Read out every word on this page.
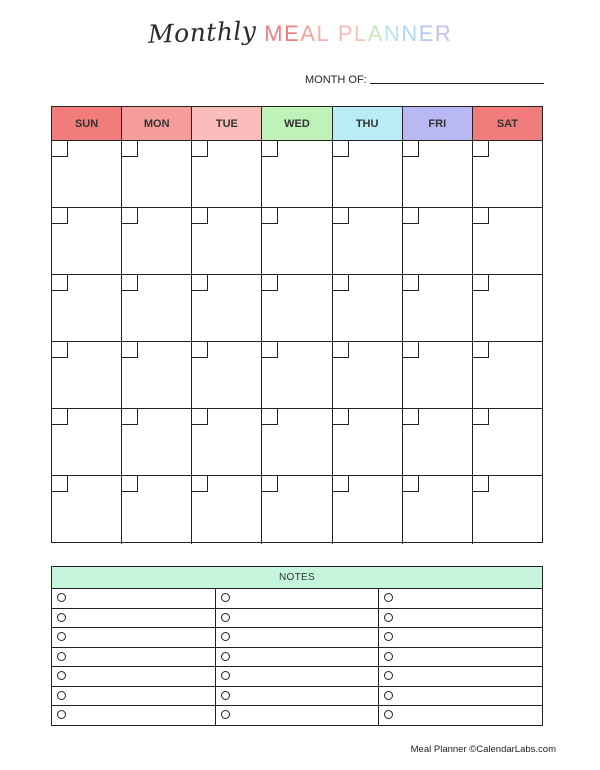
Monthly MEAL PLANNER
MONTH OF:
SUN	MON	TUE	WED	THU	FRI	SAT
NOTES
Meal Planner ©CalendarLabs.com
